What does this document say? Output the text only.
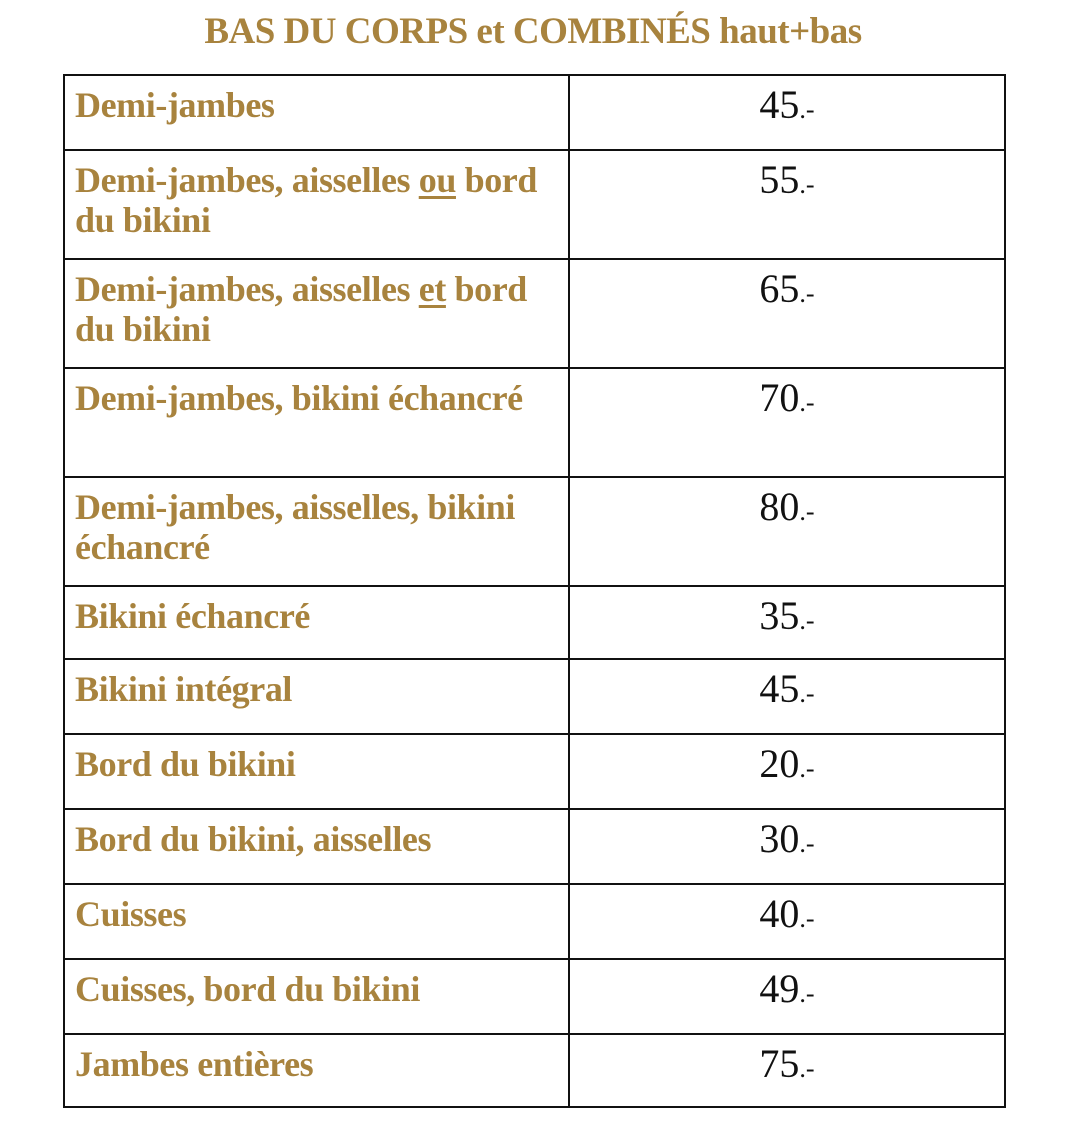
BAS DU CORPS et COMBINÉS haut+bas
Demi-jambes	45.-
Demi-jambes, aisselles ou bord du bikini	55.-
Demi-jambes, aisselles et bord du bikini	65.-
Demi-jambes, bikini échancré	70.-
Demi-jambes, aisselles, bikini échancré	80.-
Bikini échancré	35.-
Bikini intégral	45.-
Bord du bikini	20.-
Bord du bikini, aisselles	30.-
Cuisses	40.-
Cuisses, bord du bikini	49.-
Jambes entières	75.-
